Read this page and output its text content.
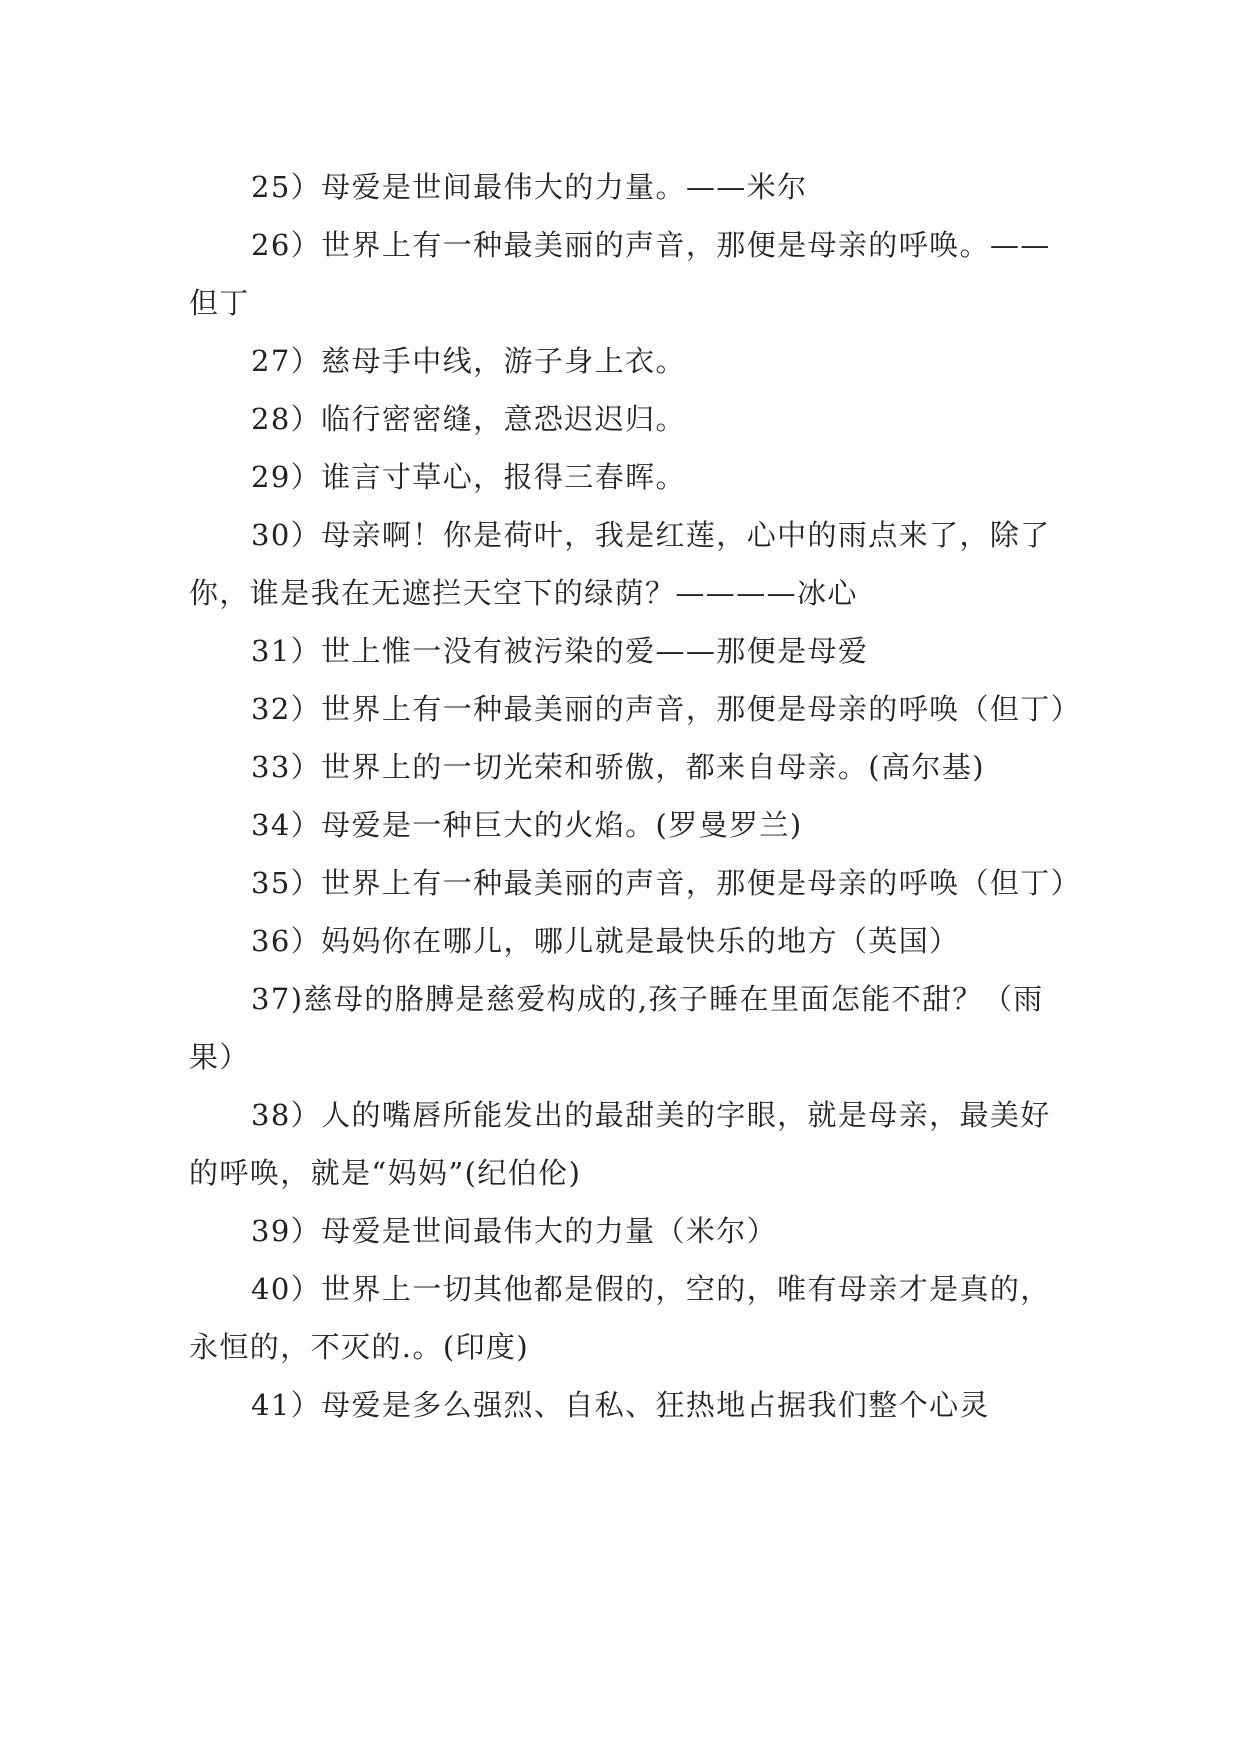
25）母爱是世间最伟大的力量。——米尔

26）世界上有一种最美丽的声音，那便是母亲的呼唤。——但丁

27）慈母手中线，游子身上衣。

28）临行密密缝，意恐迟迟归。

29）谁言寸草心，报得三春晖。

30）母亲啊！你是荷叶，我是红莲，心中的雨点来了，除了你，谁是我在无遮拦天空下的绿荫？————冰心

31）世上惟一没有被污染的爱——那便是母爱

32）世界上有一种最美丽的声音，那便是母亲的呼唤（但丁）

33）世界上的一切光荣和骄傲，都来自母亲。(高尔基)

34）母爱是一种巨大的火焰。(罗曼罗兰)

35）世界上有一种最美丽的声音，那便是母亲的呼唤（但丁）

36）妈妈你在哪儿，哪儿就是最快乐的地方（英国）

37)慈母的胳膊是慈爱构成的,孩子睡在里面怎能不甜？（雨果）

38）人的嘴唇所能发出的最甜美的字眼，就是母亲，最美好的呼唤，就是“妈妈”(纪伯伦)

39）母爱是世间最伟大的力量（米尔）

40）世界上一切其他都是假的，空的，唯有母亲才是真的，永恒的，不灭的.。(印度)

41）母爱是多么强烈、自私、狂热地占据我们整个心灵
